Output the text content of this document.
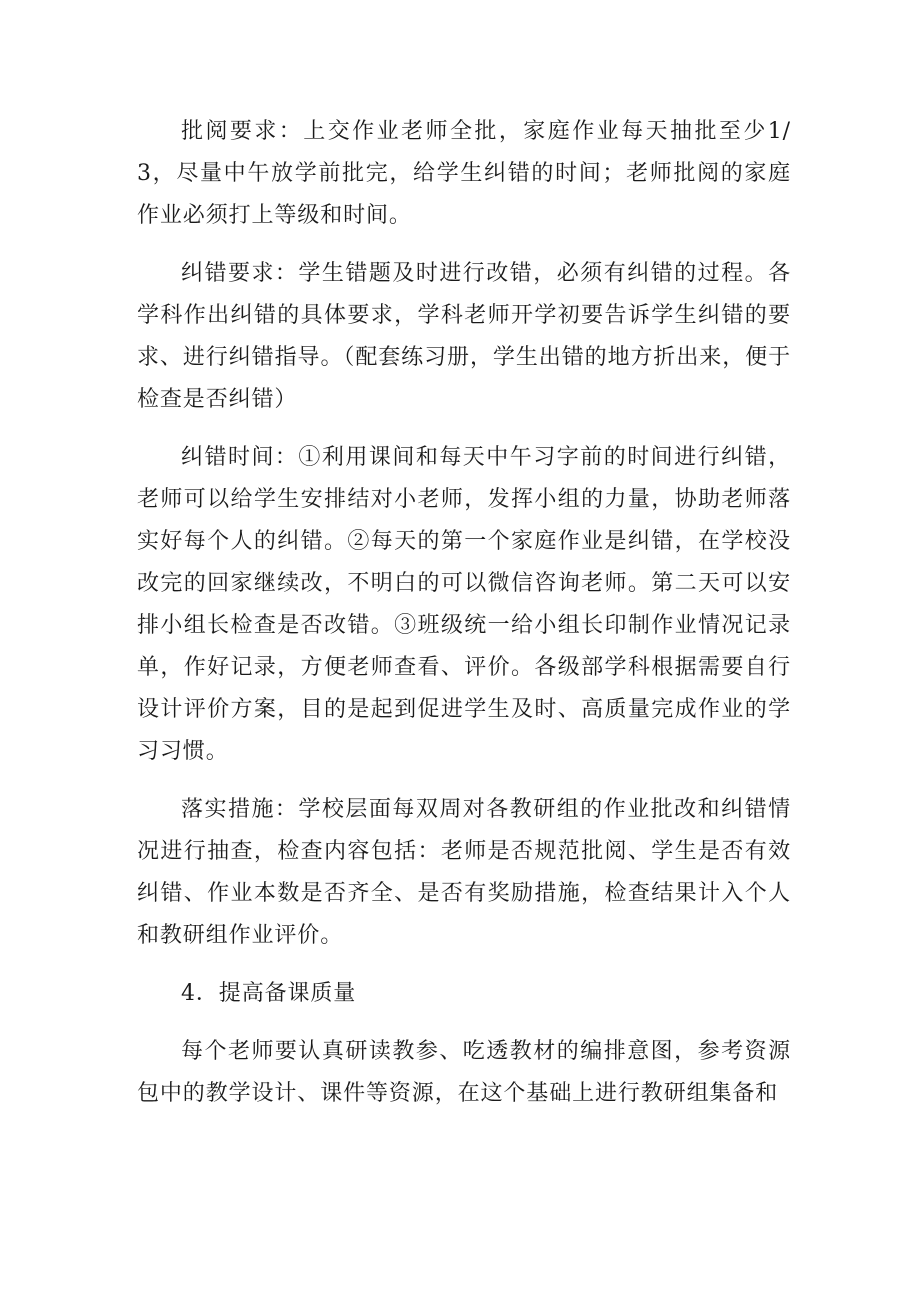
批阅要求：上交作业老师全批，家庭作业每天抽批至少1/3，尽量中午放学前批完，给学生纠错的时间；老师批阅的家庭作业必须打上等级和时间。

纠错要求：学生错题及时进行改错，必须有纠错的过程。各学科作出纠错的具体要求，学科老师开学初要告诉学生纠错的要求、进行纠错指导。（配套练习册，学生出错的地方折出来，便于检查是否纠错）

纠错时间：①利用课间和每天中午习字前的时间进行纠错，老师可以给学生安排结对小老师，发挥小组的力量，协助老师落实好每个人的纠错。②每天的第一个家庭作业是纠错，在学校没改完的回家继续改，不明白的可以微信咨询老师。第二天可以安排小组长检查是否改错。③班级统一给小组长印制作业情况记录单，作好记录，方便老师查看、评价。各级部学科根据需要自行设计评价方案，目的是起到促进学生及时、高质量完成作业的学习习惯。

落实措施：学校层面每双周对各教研组的作业批改和纠错情况进行抽查，检查内容包括：老师是否规范批阅、学生是否有效纠错、作业本数是否齐全、是否有奖励措施，检查结果计入个人和教研组作业评价。

4．提高备课质量

每个老师要认真研读教参、吃透教材的编排意图，参考资源包中的教学设计、课件等资源，在这个基础上进行教研组集备和
